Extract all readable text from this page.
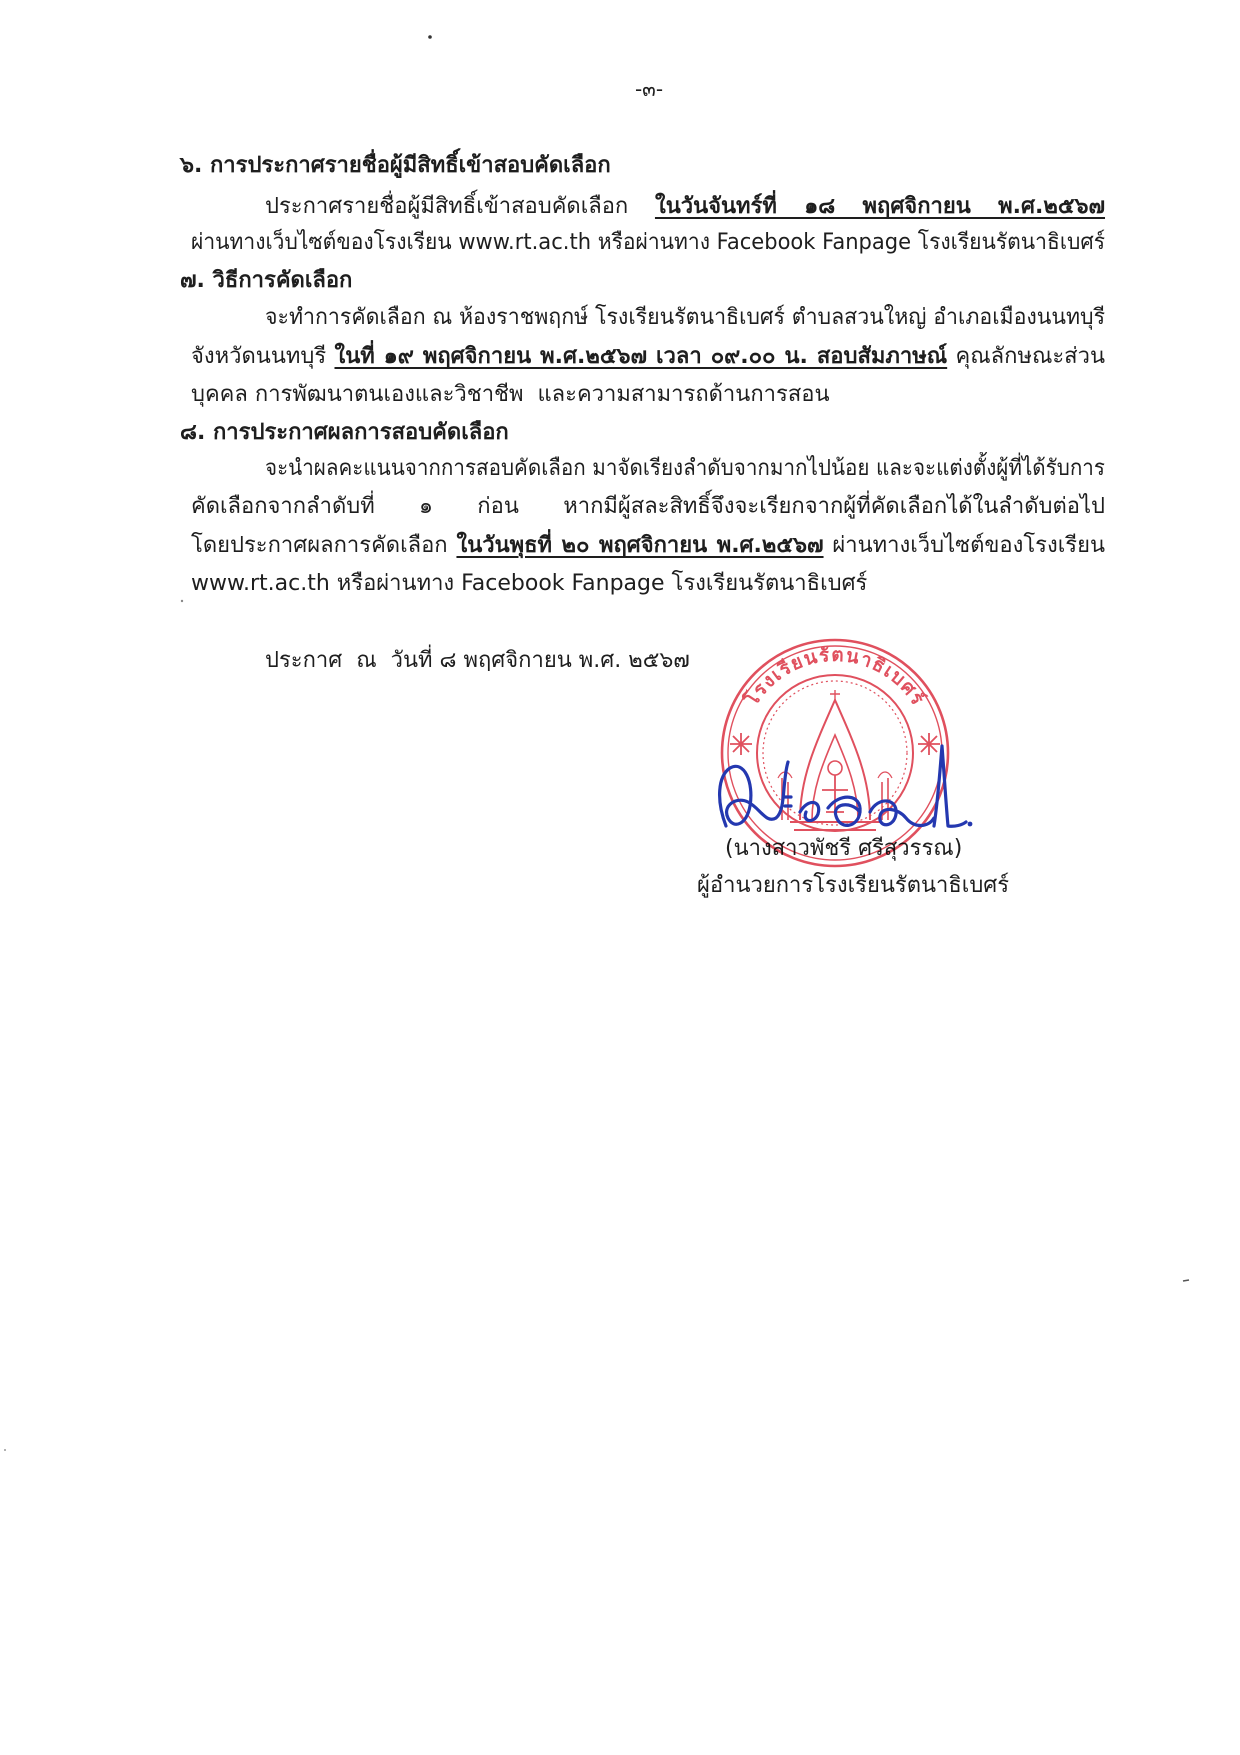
-๓-
๖. การประกาศรายชื่อผู้มีสิทธิ์เข้าสอบคัดเลือก
ประกาศรายชื่อผู้มีสิทธิ์เข้าสอบคัดเลือก ในวันจันทร์ที่ ๑๘ พฤศจิกายน พ.ศ.๒๕๖๗
ผ่านทางเว็บไซต์ของโรงเรียน www.rt.ac.th หรือผ่านทาง Facebook Fanpage โรงเรียนรัตนาธิเบศร์
๗. วิธีการคัดเลือก
จะทำการคัดเลือก ณ ห้องราชพฤกษ์ โรงเรียนรัตนาธิเบศร์ ตำบลสวนใหญ่ อำเภอเมืองนนทบุรี
จังหวัดนนทบุรี ในที่ ๑๙ พฤศจิกายน พ.ศ.๒๕๖๗ เวลา ๐๙.๐๐ น. สอบสัมภาษณ์ คุณลักษณะส่วน
บุคคล การพัฒนาตนเองและวิชาชีพ  และความสามารถด้านการสอน
๘. การประกาศผลการสอบคัดเลือก
จะนำผลคะแนนจากการสอบคัดเลือก มาจัดเรียงลำดับจากมากไปน้อย และจะแต่งตั้งผู้ที่ได้รับการ
คัดเลือกจากลำดับที่ ๑ ก่อน หากมีผู้สละสิทธิ์จึงจะเรียกจากผู้ที่คัดเลือกได้ในลำดับต่อไป
โดยประกาศผลการคัดเลือก ในวันพุธที่ ๒๐ พฤศจิกายน พ.ศ.๒๕๖๗ ผ่านทางเว็บไซต์ของโรงเรียน
www.rt.ac.th หรือผ่านทาง Facebook Fanpage โรงเรียนรัตนาธิเบศร์
ประกาศ  ณ  วันที่ ๘ พฤศจิกายน พ.ศ. ๒๕๖๗
(นางสาวพัชรี ศรีสุวรรณ)
ผู้อำนวยการโรงเรียนรัตนาธิเบศร์
โรงเรียนรัตนาธิเบศร์
